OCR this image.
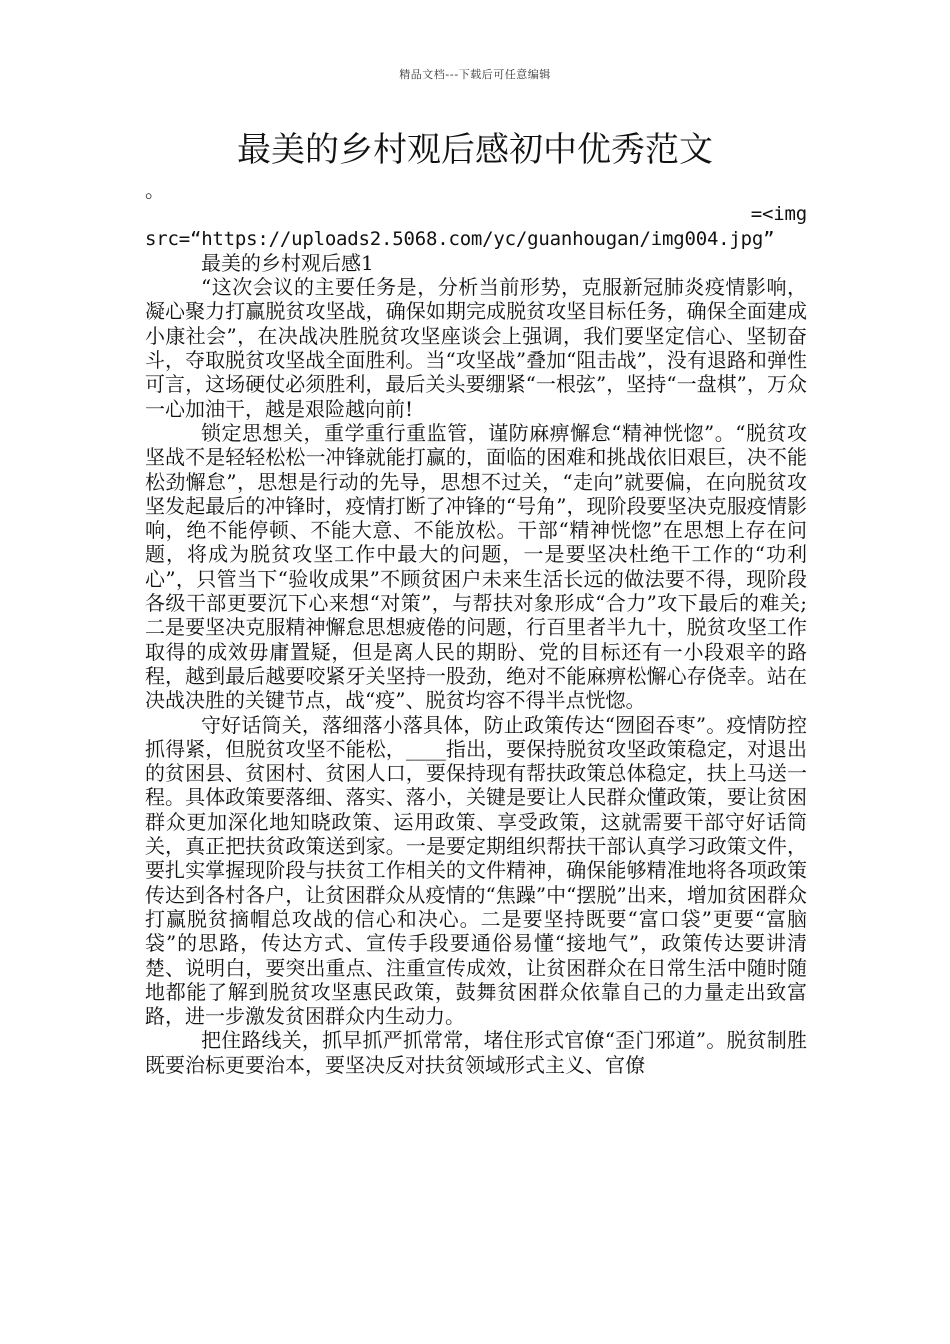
精品文档---下载后可任意编辑
最美的乡村观后感初中优秀范文

。

=<img

src=“https://uploads2.5068.com/yc/guanhougan/img004.jpg”

最美的乡村观后感1

“这次会议的主要任务是，分析当前形势，克服新冠肺炎疫情影响，凝心聚力打赢脱贫攻坚战，确保如期完成脱贫攻坚目标任务，确保全面建成小康社会”，在决战决胜脱贫攻坚座谈会上强调，我们要坚定信心、坚韧奋斗，夺取脱贫攻坚战全面胜利。当“攻坚战”叠加“阻击战”，没有退路和弹性可言，这场硬仗必须胜利，最后关头要绷紧“一根弦”，坚持“一盘棋”，万众一心加油干，越是艰险越向前!

锁定思想关，重学重行重监管，谨防麻痹懈怠“精神恍惚”。“脱贫攻坚战不是轻轻松松一冲锋就能打赢的，面临的困难和挑战依旧艰巨，决不能松劲懈怠”，思想是行动的先导，思想不过关，“走向”就要偏，在向脱贫攻坚发起最后的冲锋时，疫情打断了冲锋的“号角”，现阶段要坚决克服疫情影响，绝不能停顿、不能大意、不能放松。干部“精神恍惚”在思想上存在问题，将成为脱贫攻坚工作中最大的问题，一是要坚决杜绝干工作的“功利心”，只管当下“验收成果”不顾贫困户未来生活长远的做法要不得，现阶段各级干部更要沉下心来想“对策”，与帮扶对象形成“合力”攻下最后的难关;二是要坚决克服精神懈怠思想疲倦的问题，行百里者半九十，脱贫攻坚工作取得的成效毋庸置疑，但是离人民的期盼、党的目标还有一小段艰辛的路程，越到最后越要咬紧牙关坚持一股劲，绝对不能麻痹松懈心存侥幸。站在决战决胜的关键节点，战“疫”、脱贫均容不得半点恍惚。

守好话筒关，落细落小落具体，防止政策传达“囫囵吞枣”。疫情防控抓得紧，但脱贫攻坚不能松，____指出，要保持脱贫攻坚政策稳定，对退出的贫困县、贫困村、贫困人口，要保持现有帮扶政策总体稳定，扶上马送一程。具体政策要落细、落实、落小，关键是要让人民群众懂政策，要让贫困群众更加深化地知晓政策、运用政策、享受政策，这就需要干部守好话筒关，真正把扶贫政策送到家。一是要定期组织帮扶干部认真学习政策文件，要扎实掌握现阶段与扶贫工作相关的文件精神，确保能够精准地将各项政策传达到各村各户，让贫困群众从疫情的“焦躁”中“摆脱”出来，增加贫困群众打赢脱贫摘帽总攻战的信心和决心。二是要坚持既要“富口袋”更要“富脑袋”的思路，传达方式、宣传手段要通俗易懂“接地气”，政策传达要讲清楚、说明白，要突出重点、注重宣传成效，让贫困群众在日常生活中随时随地都能了解到脱贫攻坚惠民政策，鼓舞贫困群众依靠自己的力量走出致富路，进一步激发贫困群众内生动力。

把住路线关，抓早抓严抓常常，堵住形式官僚“歪门邪道”。脱贫制胜既要治标更要治本，要坚决反对扶贫领域形式主义、官僚
